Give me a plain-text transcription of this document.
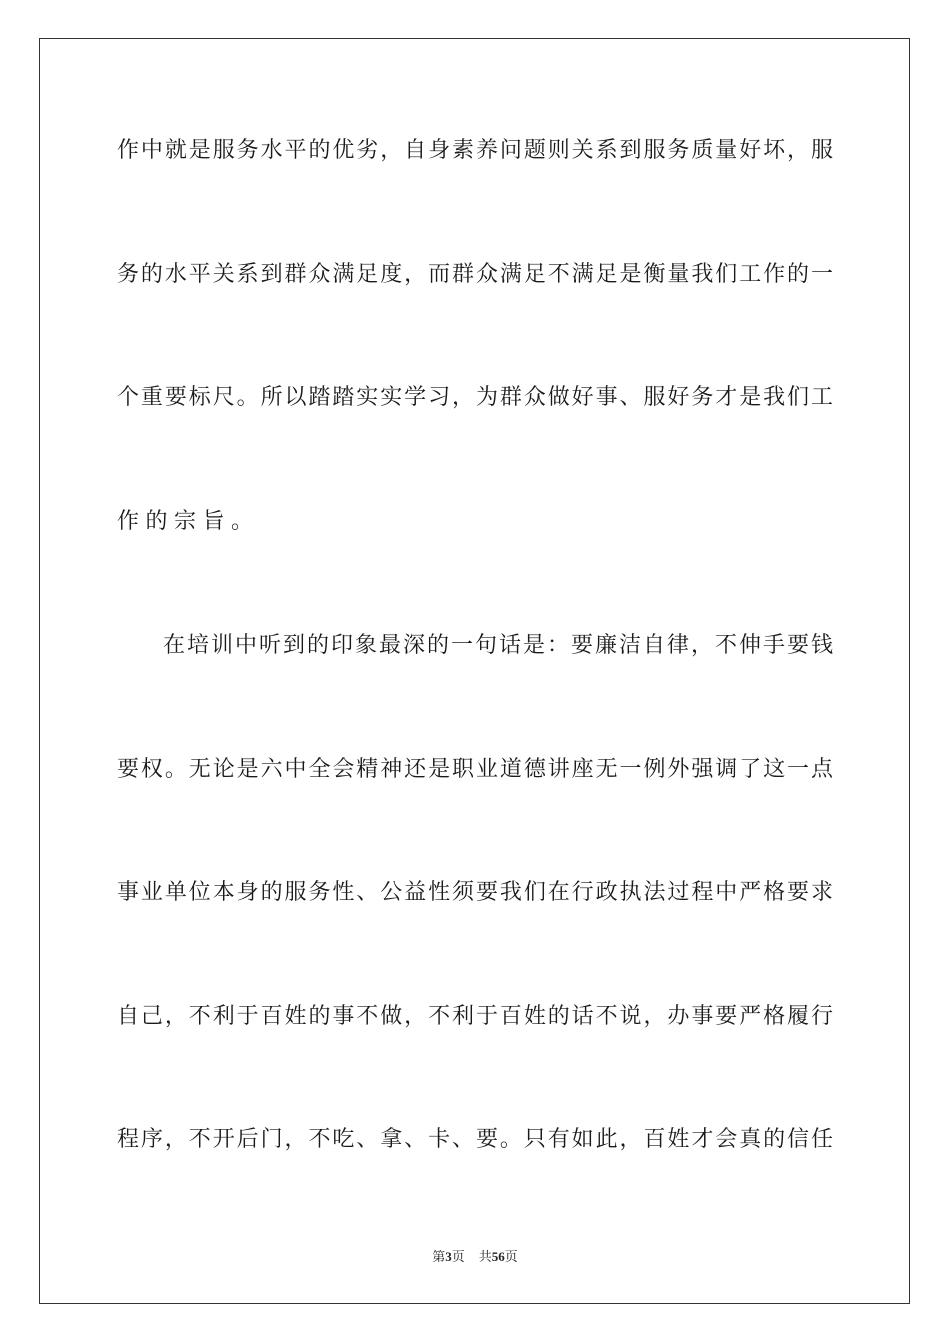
作中就是服务水平的优劣，自身素养问题则关系到服务质量好坏，服
务的水平关系到群众满足度，而群众满足不满足是衡量我们工作的一
个重要标尺。所以踏踏实实学习，为群众做好事、服好务才是我们工
作的宗旨。
在培训中听到的印象最深的一句话是：要廉洁自律，不伸手要钱
要权。无论是六中全会精神还是职业道德讲座无一例外强调了这一点
事业单位本身的服务性、公益性须要我们在行政执法过程中严格要求
自己，不利于百姓的事不做，不利于百姓的话不说，办事要严格履行
程序，不开后门，不吃、拿、卡、要。只有如此，百姓才会真的信任
第3页 共56页
